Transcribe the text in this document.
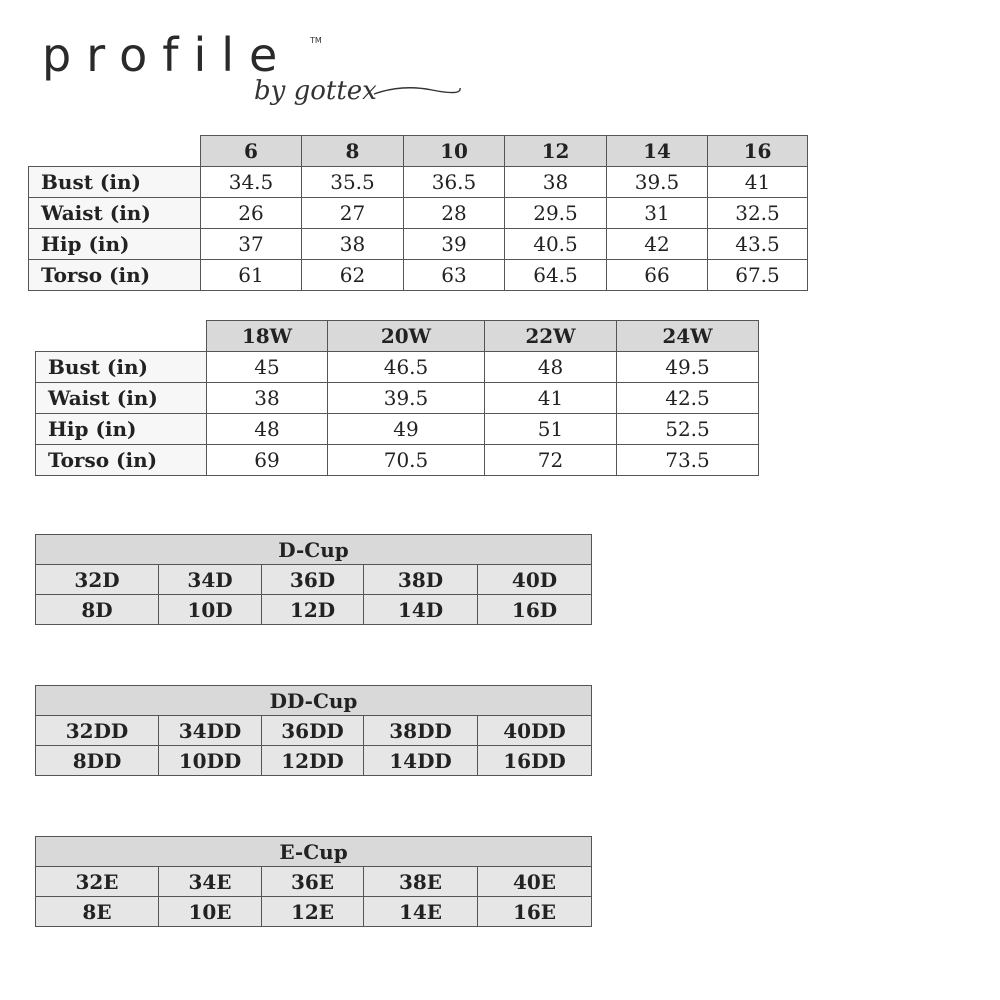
profile TM
by gottex
	6	8	10	12	14	16
Bust (in)	34.5	35.5	36.5	38	39.5	41
Waist (in)	26	27	28	29.5	31	32.5
Hip (in)	37	38	39	40.5	42	43.5
Torso (in)	61	62	63	64.5	66	67.5
	18W	20W	22W	24W
Bust (in)	45	46.5	48	49.5
Waist (in)	38	39.5	41	42.5
Hip (in)	48	49	51	52.5
Torso (in)	69	70.5	72	73.5
D-Cup				
32D	34D	36D	38D	40D
8D	10D	12D	14D	16D
DD-Cup				
32DD	34DD	36DD	38DD	40DD
8DD	10DD	12DD	14DD	16DD
E-Cup				
32E	34E	36E	38E	40E
8E	10E	12E	14E	16E
